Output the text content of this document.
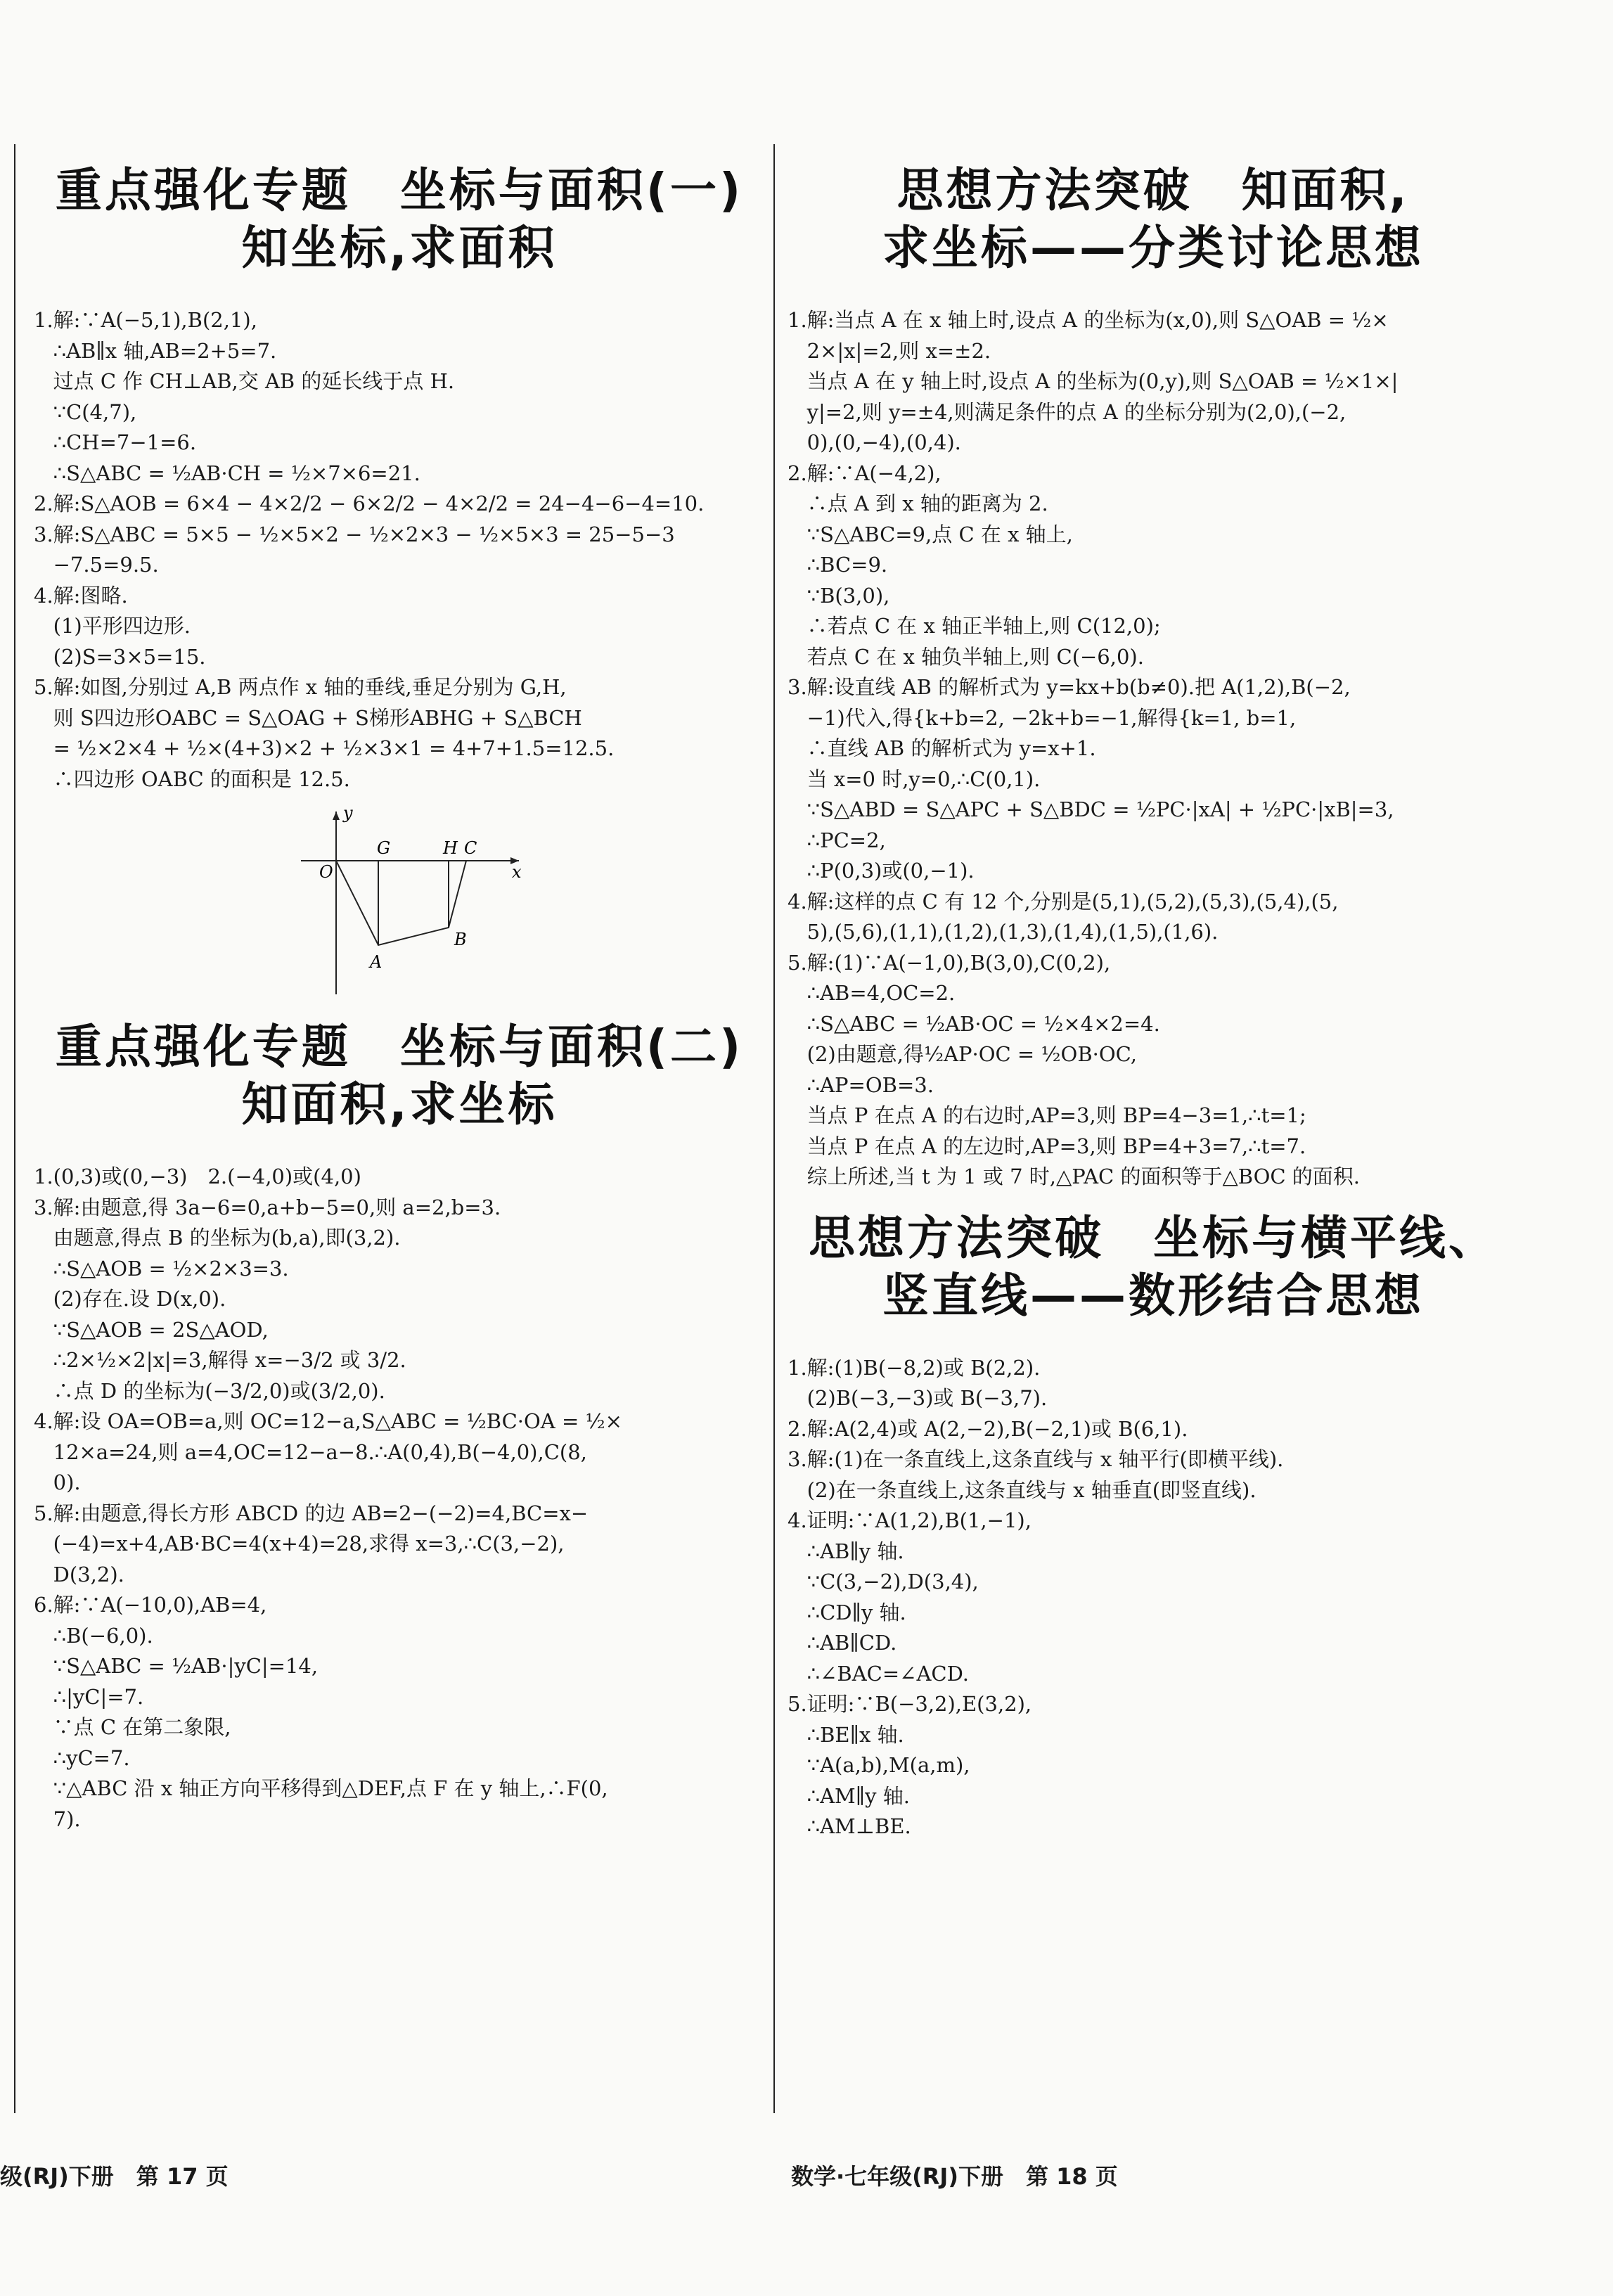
重点强化专题　坐标与面积(一)
知坐标,求面积
1.解:∵A(−5,1),B(2,1),
∴AB∥x 轴,AB=2+5=7.
过点 C 作 CH⊥AB,交 AB 的延长线于点 H.
∵C(4,7),
∴CH=7−1=6.
∴S△ABC = ½AB·CH = ½×7×6=21.
2.解:S△AOB = 6×4 − 4×2/2 − 6×2/2 − 4×2/2 = 24−4−6−4=10.
3.解:S△ABC = 5×5 − ½×5×2 − ½×2×3 − ½×5×3 = 25−5−3
−7.5=9.5.
4.解:图略.
(1)平形四边形.
(2)S=3×5=15.
5.解:如图,分别过 A,B 两点作 x 轴的垂线,垂足分别为 G,H,
则 S四边形OABC = S△OAG + S梯形ABHG + S△BCH
= ½×2×4 + ½×(4+3)×2 + ½×3×1 = 4+7+1.5=12.5.
∴四边形 OABC 的面积是 12.5.
y
x
O
G	H C
A
B
重点强化专题　坐标与面积(二)
知面积,求坐标
1.(0,3)或(0,−3)　2.(−4,0)或(4,0)
3.解:由题意,得 3a−6=0,a+b−5=0,则 a=2,b=3.
由题意,得点 B 的坐标为(b,a),即(3,2).
∴S△AOB = ½×2×3=3.
(2)存在.设 D(x,0).
∵S△AOB = 2S△AOD,
∴2×½×2|x|=3,解得 x=−3/2 或 3/2.
∴点 D 的坐标为(−3/2,0)或(3/2,0).
4.解:设 OA=OB=a,则 OC=12−a,S△ABC = ½BC·OA = ½×
12×a=24,则 a=4,OC=12−a−8.∴A(0,4),B(−4,0),C(8,
0).
5.解:由题意,得长方形 ABCD 的边 AB=2−(−2)=4,BC=x−
(−4)=x+4,AB·BC=4(x+4)=28,求得 x=3,∴C(3,−2),
D(3,2).
6.解:∵A(−10,0),AB=4,
∴B(−6,0).
∵S△ABC = ½AB·|yC|=14,
∴|yC|=7.
∵点 C 在第二象限,
∴yC=7.
∵△ABC 沿 x 轴正方向平移得到△DEF,点 F 在 y 轴上,∴F(0,
7).
思想方法突破　知面积,
求坐标——分类讨论思想
1.解:当点 A 在 x 轴上时,设点 A 的坐标为(x,0),则 S△OAB = ½×
2×|x|=2,则 x=±2.
当点 A 在 y 轴上时,设点 A 的坐标为(0,y),则 S△OAB = ½×1×|
y|=2,则 y=±4,则满足条件的点 A 的坐标分别为(2,0),(−2,
0),(0,−4),(0,4).
2.解:∵A(−4,2),
∴点 A 到 x 轴的距离为 2.
∵S△ABC=9,点 C 在 x 轴上,
∴BC=9.
∵B(3,0),
∴若点 C 在 x 轴正半轴上,则 C(12,0);
若点 C 在 x 轴负半轴上,则 C(−6,0).
3.解:设直线 AB 的解析式为 y=kx+b(b≠0).把 A(1,2),B(−2,
−1)代入,得{k+b=2, −2k+b=−1,解得{k=1, b=1,
∴直线 AB 的解析式为 y=x+1.
当 x=0 时,y=0,∴C(0,1).
∵S△ABD = S△APC + S△BDC = ½PC·|xA| + ½PC·|xB|=3,
∴PC=2,
∴P(0,3)或(0,−1).
4.解:这样的点 C 有 12 个,分别是(5,1),(5,2),(5,3),(5,4),(5,
5),(5,6),(1,1),(1,2),(1,3),(1,4),(1,5),(1,6).
5.解:(1)∵A(−1,0),B(3,0),C(0,2),
∴AB=4,OC=2.
∴S△ABC = ½AB·OC = ½×4×2=4.
(2)由题意,得½AP·OC = ½OB·OC,
∴AP=OB=3.
当点 P 在点 A 的右边时,AP=3,则 BP=4−3=1,∴t=1;
当点 P 在点 A 的左边时,AP=3,则 BP=4+3=7,∴t=7.
综上所述,当 t 为 1 或 7 时,△PAC 的面积等于△BOC 的面积.
思想方法突破　坐标与横平线、
竖直线——数形结合思想
1.解:(1)B(−8,2)或 B(2,2).
(2)B(−3,−3)或 B(−3,7).
2.解:A(2,4)或 A(2,−2),B(−2,1)或 B(6,1).
3.解:(1)在一条直线上,这条直线与 x 轴平行(即横平线).
(2)在一条直线上,这条直线与 x 轴垂直(即竖直线).
4.证明:∵A(1,2),B(1,−1),
∴AB∥y 轴.
∵C(3,−2),D(3,4),
∴CD∥y 轴.
∴AB∥CD.
∴∠BAC=∠ACD.
5.证明:∵B(−3,2),E(3,2),
∴BE∥x 轴.
∵A(a,b),M(a,m),
∴AM∥y 轴.
∴AM⊥BE.
级(RJ)下册　第 17 页	数学·七年级(RJ)下册　第 18 页
